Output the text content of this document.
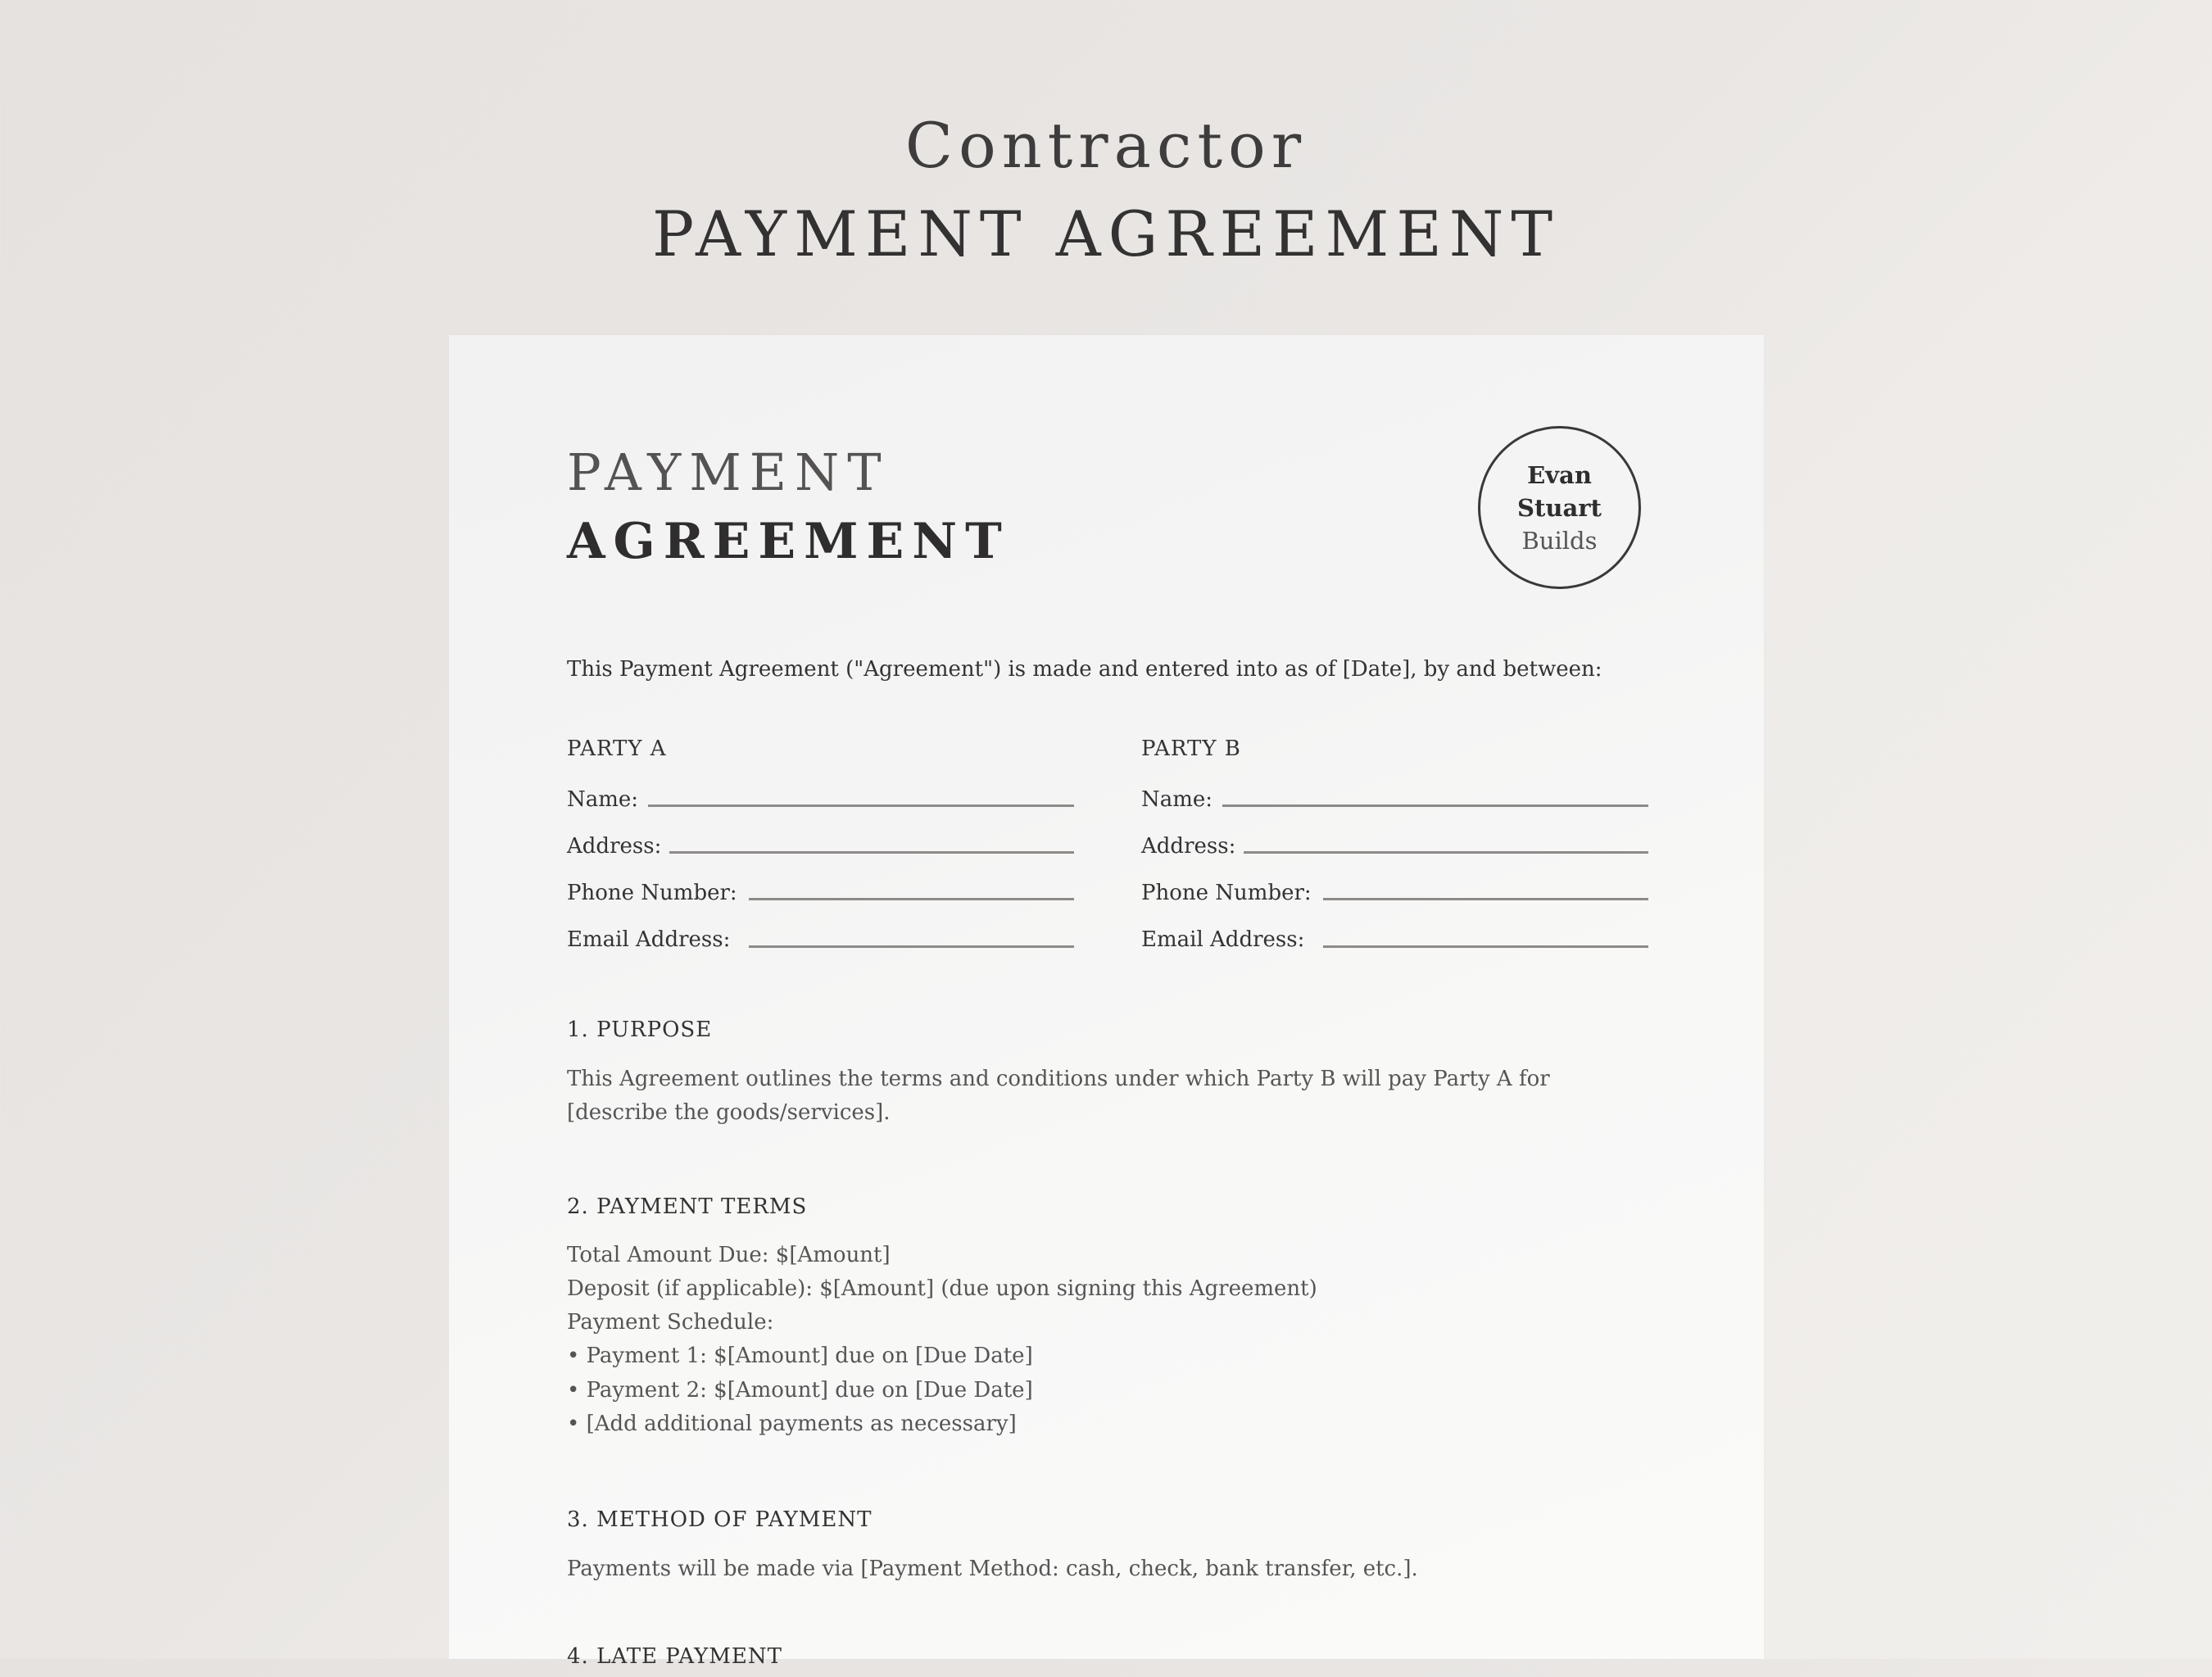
Contractor
PAYMENT AGREEMENT
PAYMENT
AGREEMENT
Evan
Stuart
Builds
This Payment Agreement ("Agreement") is made and entered into as of [Date], by and between:
PARTY A
Name:
Address:
Phone Number:
Email Address:
PARTY B
Name:
Address:
Phone Number:
Email Address:
1. PURPOSE
This Agreement outlines the terms and conditions under which Party B will pay Party A for [describe the goods/services].
2. PAYMENT TERMS
Total Amount Due: $[Amount]
Deposit (if applicable): $[Amount] (due upon signing this Agreement)
Payment Schedule:
• Payment 1: $[Amount] due on [Due Date]
• Payment 2: $[Amount] due on [Due Date]
• [Add additional payments as necessary]
3. METHOD OF PAYMENT
Payments will be made via [Payment Method: cash, check, bank transfer, etc.].
4. LATE PAYMENT
